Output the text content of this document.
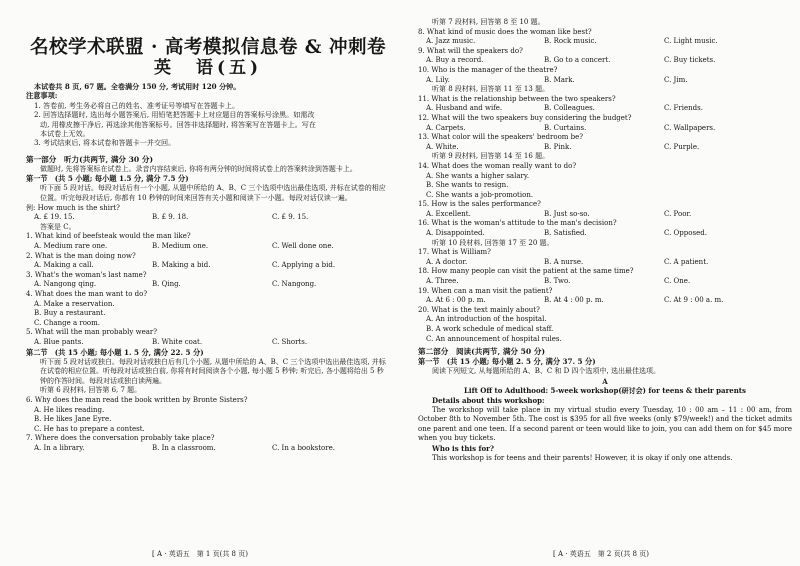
名校学术联盟 · 高考模拟信息卷 & 冲刺卷
英　语(五)
本试卷共 8 页, 67 题。全卷满分 150 分, 考试用时 120 分钟。
注意事项:
1. 答卷前, 考生务必将自己的姓名、准考证号等填写在答题卡上。
2. 回答选择题时, 选出每小题答案后, 用铅笔把答题卡上对应题目的答案标号涂黑。如需改
动, 用橡皮擦干净后, 再选涂其他答案标号。回答非选择题时, 将答案写在答题卡上。写在
本试卷上无效。
3. 考试结束后, 将本试卷和答题卡一并交回。
第一部分　听力(共两节, 满分 30 分)
做题时, 先将答案标在试卷上。录音内容结束后, 你将有两分钟的时间将试卷上的答案转涂到答题卡上。
第一节　(共 5 小题; 每小题 1.5 分, 满分 7.5 分)
听下面 5 段对话。每段对话后有一个小题, 从题中所给的 A、B、C 三个选项中选出最佳选项, 并标在试卷的相应位置。听完每段对话后, 你都有 10 秒钟的时间来回答有关小题和阅读下一小题。每段对话仅读一遍。
例: How much is the shirt?
A. £ 19. 15.	B. £ 9. 18.	C. £ 9. 15.
答案是 C。
1. What kind of beefsteak would the man like?
A. Medium rare one.	B. Medium one.	C. Well done one.
2. What is the man doing now?
A. Making a call.	B. Making a bid.	C. Applying a bid.
3. What's the woman's last name?
A. Nangong qing.	B. Qing.	C. Nangong.
4. What does the man want to do?
A. Make a reservation.
B. Buy a restaurant.
C. Change a room.
5. What will the man probably wear?
A. Blue pants.	B. White coat.	C. Shorts.
第二节　(共 15 小题; 每小题 1. 5 分, 满分 22. 5 分)
听下面 5 段对话或独白。每段对话或独白后有几个小题, 从题中所给的 A、B、C 三个选项中选出最佳选项, 并标在试卷的相应位置。听每段对话或独白前, 你将有时间阅读各个小题, 每小题 5 秒钟; 听完后, 各小题将给出 5 秒钟的作答时间。每段对话或独白读两遍。
听第 6 段材料, 回答第 6, 7 题。
6. Why does the man read the book written by Bronte Sisters?
A. He likes reading.
B. He likes Jane Eyre.
C. He has to prepare a contest.
7. Where does the conversation probably take place?
A. In a library.	B. In a classroom.	C. In a bookstore.
[ A · 英语五　第 1 页(共 8 页)
听第 7 段材料, 回答第 8 至 10 题。
8. What kind of music does the woman like best?
A. Jazz music.	B. Rock music.	C. Light music.
9. What will the speakers do?
A. Buy a record.	B. Go to a concert.	C. Buy tickets.
10. Who is the manager of the theatre?
A. Lily.	B. Mark.	C. Jim.
听第 8 段材料, 回答第 11 至 13 题。
11. What is the relationship between the two speakers?
A. Husband and wife.	B. Colleagues.	C. Friends.
12. What will the two speakers buy considering the budget?
A. Carpets.	B. Curtains.	C. Wallpapers.
13. What color will the speakers' bedroom be?
A. White.	B. Pink.	C. Purple.
听第 9 段材料, 回答第 14 至 16 题。
14. What does the woman really want to do?
A. She wants a higher salary.
B. She wants to resign.
C. She wants a job-promotion.
15. How is the sales performance?
A. Excellent.	B. Just so-so.	C. Poor.
16. What is the woman's attitude to the man's decision?
A. Disappointed.	B. Satisfied.	C. Opposed.
听第 10 段材料, 回答第 17 至 20 题。
17. What is William?
A. A doctor.	B. A nurse.	C. A patient.
18. How many people can visit the patient at the same time?
A. Three.	B. Two.	C. One.
19. When can a man visit the patient?
A. At 6 : 00 p. m.	B. At 4 : 00 p. m.	C. At 9 : 00 a. m.
20. What is the text mainly about?
A. An introduction of the hospital.
B. A work schedule of medical staff.
C. An announcement of hospital rules.
第二部分　阅读(共两节, 满分 50 分)
第一节　(共 15 小题; 每小题 2. 5 分, 满分 37. 5 分)
阅读下列短文, 从每题所给的 A、B、C 和 D 四个选项中, 选出最佳选项。
A
Lift Off to Adulthood: 5-week workshop(研讨会) for teens & their parents
Details about this workshop:
The workshop will take place in my virtual studio every Tuesday, 10 : 00 am – 11 : 00 am, from October 8th to November 5th. The cost is $395 for all five weeks (only $79/week!) and the ticket admits one parent and one teen. If a second parent or teen would like to join, you can add them on for $45 more when you buy tickets.
Who is this for?
This workshop is for teens and their parents! However, it is okay if only one attends.
[ A · 英语五　第 2 页(共 8 页)
